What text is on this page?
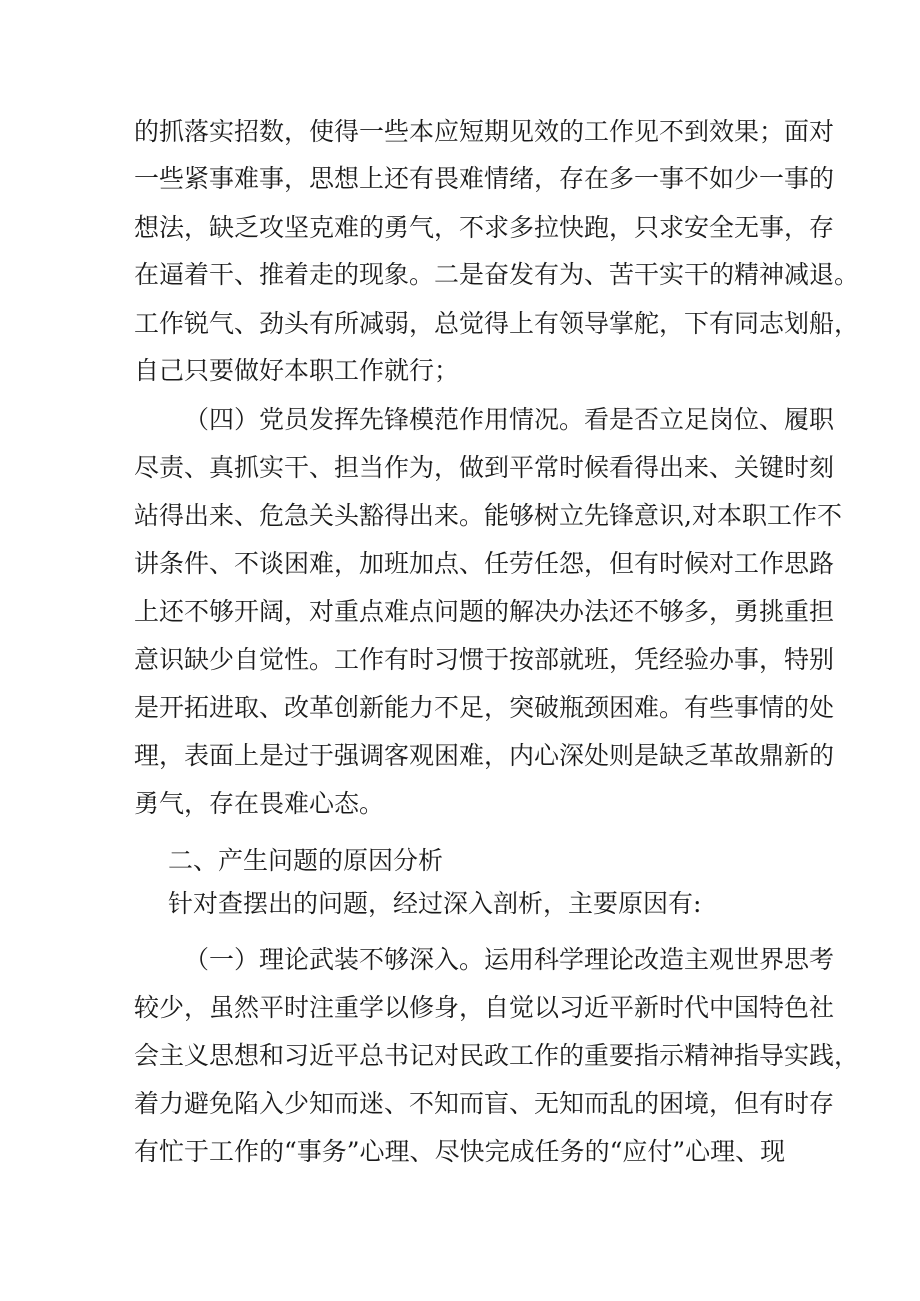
的抓落实招数，使得一些本应短期见效的工作见不到效果；面对
一些紧事难事，思想上还有畏难情绪，存在多一事不如少一事的
想法，缺乏攻坚克难的勇气，不求多拉快跑，只求安全无事，存
在逼着干、推着走的现象。二是奋发有为、苦干实干的精神减退。
工作锐气、劲头有所减弱，总觉得上有领导掌舵，下有同志划船，
自己只要做好本职工作就行；
（四）党员发挥先锋模范作用情况。看是否立足岗位、履职
尽责、真抓实干、担当作为，做到平常时候看得出来、关键时刻
站得出来、危急关头豁得出来。能够树立先锋意识,对本职工作不
讲条件、不谈困难，加班加点、任劳任怨，但有时候对工作思路
上还不够开阔，对重点难点问题的解决办法还不够多，勇挑重担
意识缺少自觉性。工作有时习惯于按部就班，凭经验办事，特别
是开拓进取、改革创新能力不足，突破瓶颈困难。有些事情的处
理，表面上是过于强调客观困难，内心深处则是缺乏革故鼎新的
勇气，存在畏难心态。
二、产生问题的原因分析
针对查摆出的问题，经过深入剖析，主要原因有:
（一）理论武装不够深入。运用科学理论改造主观世界思考
较少，虽然平时注重学以修身，自觉以习近平新时代中国特色社
会主义思想和习近平总书记对民政工作的重要指示精神指导实践，
着力避免陷入少知而迷、不知而盲、无知而乱的困境，但有时存
有忙于工作的“事务”心理、尽快完成任务的“应付”心理、现
